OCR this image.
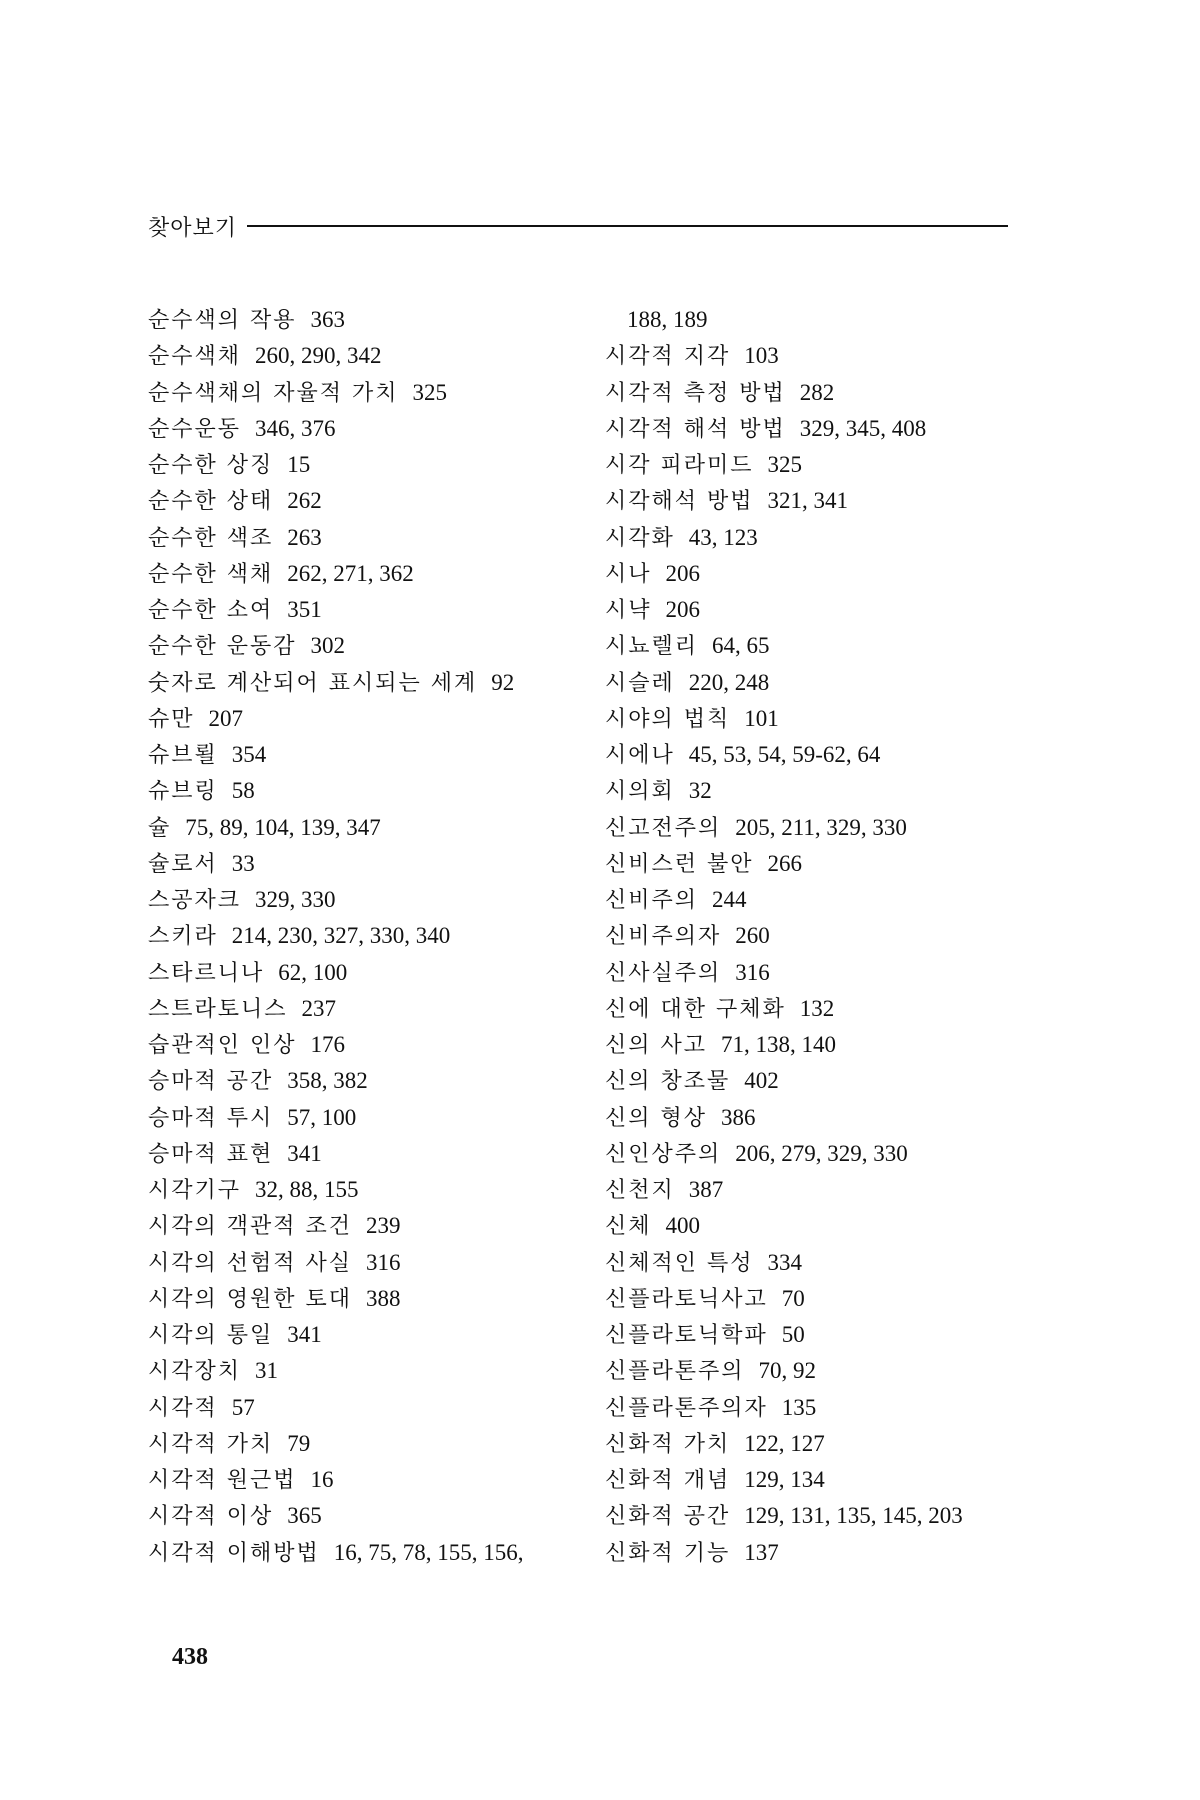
찾아보기
순수색의 작용 363
순수색채 260, 290, 342
순수색채의 자율적 가치 325
순수운동 346, 376
순수한 상징 15
순수한 상태 262
순수한 색조 263
순수한 색채 262, 271, 362
순수한 소여 351
순수한 운동감 302
숫자로 계산되어 표시되는 세계 92
슈만 207
슈브뢸 354
슈브링 58
슐 75, 89, 104, 139, 347
슐로서 33
스공자크 329, 330
스키라 214, 230, 327, 330, 340
스타르니나 62, 100
스트라토니스 237
습관적인 인상 176
승마적 공간 358, 382
승마적 투시 57, 100
승마적 표현 341
시각기구 32, 88, 155
시각의 객관적 조건 239
시각의 선험적 사실 316
시각의 영원한 토대 388
시각의 통일 341
시각장치 31
시각적 57
시각적 가치 79
시각적 원근법 16
시각적 이상 365
시각적 이해방법 16, 75, 78, 155, 156,
188, 189
시각적 지각 103
시각적 측정 방법 282
시각적 해석 방법 329, 345, 408
시각 피라미드 325
시각해석 방법 321, 341
시각화 43, 123
시나 206
시냑 206
시뇨렐리 64, 65
시슬레 220, 248
시야의 법칙 101
시에나 45, 53, 54, 59-62, 64
시의회 32
신고전주의 205, 211, 329, 330
신비스런 불안 266
신비주의 244
신비주의자 260
신사실주의 316
신에 대한 구체화 132
신의 사고 71, 138, 140
신의 창조물 402
신의 형상 386
신인상주의 206, 279, 329, 330
신천지 387
신체 400
신체적인 특성 334
신플라토닉사고 70
신플라토닉학파 50
신플라톤주의 70, 92
신플라톤주의자 135
신화적 가치 122, 127
신화적 개념 129, 134
신화적 공간 129, 131, 135, 145, 203
신화적 기능 137
438
